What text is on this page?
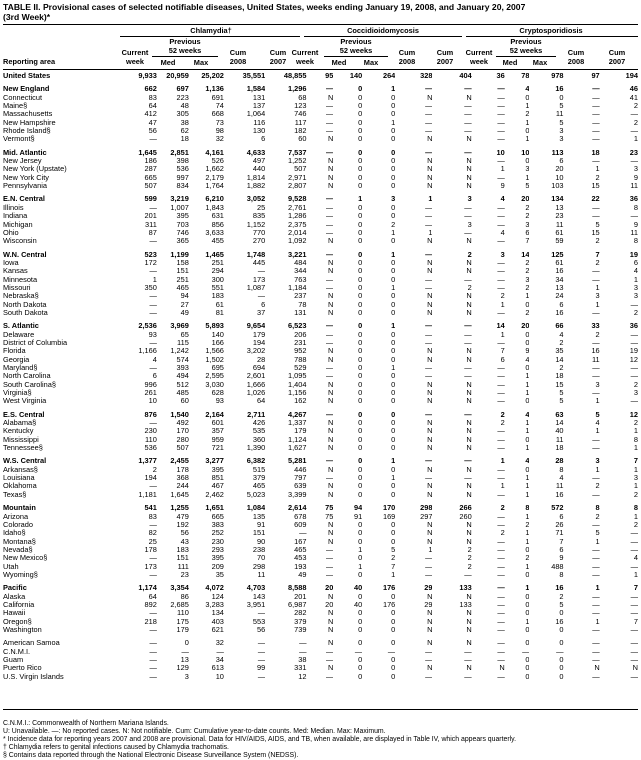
TABLE II. Provisional cases of selected notifiable diseases, United States, weeks ending January 19, 2008, and January 20, 2007
(3rd Week)*
Chlamydia†	Coccidioidomycosis	Cryptosporidiosis
Previous
52 weeks
Previous
52 weeks
Previous
52 weeks
Current
week
Current
week
Current
week
Med	Max	Med	Max	Med	Max
Cum
2008
Cum
2007
Cum
2008
Cum
2007
Cum
2008
Cum
2007
Reporting area
United States	9,933	20,959	25,202	35,551	48,855	95	140	264	328	404	36	78	978	97	194

New England	662	697	1,136	1,584	1,296	—	0	1	—	—	—	4	16	—	46
Connecticut	83	223	691	131	68	N	0	0	N	N	—	0	0	—	41
Maine§	64	48	74	137	123	—	0	0	—	—	—	1	5	—	2
Massachusetts	412	305	668	1,064	746	—	0	0	—	—	—	2	11	—	—
New Hampshire	47	38	73	116	117	—	0	1	—	—	—	1	5	—	2
Rhode Island§	56	62	98	130	182	—	0	0	—	—	—	0	3	—	—
Vermont§	—	18	32	6	60	N	0	0	N	N	—	1	3	—	1

Mid. Atlantic	1,645	2,851	4,161	4,633	7,537	—	0	0	—	—	10	10	113	18	23
New Jersey	186	398	526	497	1,252	N	0	0	N	N	—	0	6	—	—
New York (Upstate)	287	536	1,662	440	507	N	0	0	N	N	1	3	20	1	3
New York City	665	997	2,179	1,814	2,971	N	0	0	N	N	—	1	10	2	9
Pennsylvania	507	834	1,764	1,882	2,807	N	0	0	N	N	9	5	103	15	11

E.N. Central	599	3,219	6,210	3,052	9,528	—	1	3	1	3	4	20	134	22	36
Illinois	—	1,007	1,843	25	2,761	—	0	0	—	—	—	2	13	—	8
Indiana	201	395	631	835	1,286	—	0	0	—	—	—	2	23	—	—
Michigan	311	703	856	1,152	2,375	—	0	2	—	3	—	3	11	5	9
Ohio	87	746	3,633	770	2,014	—	0	1	1	—	4	6	61	15	11
Wisconsin	—	365	455	270	1,092	N	0	0	N	N	—	7	59	2	8

W.N. Central	523	1,199	1,465	1,748	3,221	—	0	1	—	2	3	14	125	7	19
Iowa	172	158	251	445	484	N	0	0	N	N	—	2	61	2	6
Kansas	—	151	294	—	344	N	0	0	N	N	—	2	16	—	4
Minnesota	1	251	300	173	763	—	0	0	—	—	—	3	34	—	1
Missouri	350	465	551	1,087	1,184	—	0	1	—	2	—	2	13	1	3
Nebraska§	—	94	183	—	237	N	0	0	N	N	2	1	24	3	3
North Dakota	—	27	61	6	78	N	0	0	N	N	1	0	6	1	—
South Dakota	—	49	81	37	131	N	0	0	N	N	—	2	16	—	2

S. Atlantic	2,536	3,969	5,893	9,654	6,523	—	0	1	—	—	14	20	66	33	36
Delaware	93	65	140	179	206	—	0	0	—	—	1	0	4	2	—
District of Columbia	—	115	166	194	231	—	0	0	—	—	—	0	2	—	—
Florida	1,166	1,242	1,566	3,202	952	N	0	0	N	N	7	9	35	16	19
Georgia	4	574	1,502	28	788	N	0	0	N	N	6	4	14	11	12
Maryland§	—	393	695	694	529	—	0	1	—	—	—	0	2	—	—
North Carolina	6	494	2,595	2,601	1,095	—	0	0	—	—	—	1	18	—	—
South Carolina§	996	512	3,030	1,666	1,404	N	0	0	N	N	—	1	15	3	2
Virginia§	261	485	628	1,026	1,156	N	0	0	N	N	—	1	5	—	3
West Virginia	10	60	93	64	162	N	0	0	N	N	—	0	5	1	—

E.S. Central	876	1,540	2,164	2,711	4,267	—	0	0	—	—	2	4	63	5	12
Alabama§	—	492	601	426	1,337	N	0	0	N	N	2	1	14	4	2
Kentucky	230	170	357	535	179	N	0	0	N	N	—	1	40	1	1
Mississippi	110	280	959	360	1,124	N	0	0	N	N	—	0	11	—	8
Tennessee§	536	507	721	1,390	1,627	N	0	0	N	N	—	1	18	—	1

W.S. Central	1,377	2,455	3,277	6,382	5,281	—	0	1	—	—	1	4	28	3	7
Arkansas§	2	178	395	515	446	N	0	0	N	N	—	0	8	1	1
Louisiana	194	368	851	379	797	—	0	1	—	—	—	1	4	—	3
Oklahoma	—	244	467	465	639	N	0	0	N	N	1	1	11	2	1
Texas§	1,181	1,645	2,462	5,023	3,399	N	0	0	N	N	—	1	16	—	2

Mountain	541	1,255	1,651	1,084	2,614	75	94	170	298	266	2	8	572	8	8
Arizona	83	479	665	135	678	75	91	169	297	260	—	1	6	2	1
Colorado	—	192	383	91	609	N	0	0	N	N	—	2	26	—	2
Idaho§	82	56	252	151	—	N	0	0	N	N	2	1	71	5	—
Montana§	25	43	230	90	167	N	0	0	N	N	—	1	7	1	—
Nevada§	178	183	293	238	465	—	1	5	1	2	—	0	6	—	—
New Mexico§	—	151	395	70	453	—	0	2	—	2	—	2	9	—	4
Utah	173	111	209	298	193	—	1	7	—	2	—	1	488	—	—
Wyoming§	—	23	35	11	49	—	0	1	—	—	—	0	8	—	1

Pacific	1,174	3,354	4,072	4,703	8,588	20	40	176	29	133	—	1	16	1	7
Alaska	64	86	124	143	201	N	0	0	N	N	—	0	2	—	—
California	892	2,685	3,283	3,951	6,987	20	40	176	29	133	—	0	5	—	—
Hawaii	—	110	134	—	282	N	0	0	N	N	—	0	0	—	—
Oregon§	218	175	403	553	379	N	0	0	N	N	—	1	16	1	7
Washington	—	179	621	56	739	N	0	0	N	N	—	0	0	—	—

American Samoa	—	0	32	—	—	N	0	0	N	N	—	0	0	—	—
C.N.M.I.	—	—	—	—	—	—	—	—	—	—	—	—	—	—	—
Guam	—	13	34	—	38	—	0	0	—	—	—	0	0	—	—
Puerto Rico	—	129	613	99	331	N	0	0	N	N	N	0	0	N	N
U.S. Virgin Islands	—	3	10	—	12	—	0	0	—	—	—	0	0	—	—
C.N.M.I.: Commonwealth of Northern Mariana Islands.
U: Unavailable. —: No reported cases. N: Not notifiable. Cum: Cumulative year-to-date counts. Med: Median. Max: Maximum.
* Incidence data for reporting years 2007 and 2008 are provisional. Data for HIV/AIDS, AIDS, and TB, when available, are displayed in Table IV, which appears quarterly.
† Chlamydia refers to genital infections caused by Chlamydia trachomatis.
§ Contains data reported through the National Electronic Disease Surveillance System (NEDSS).
